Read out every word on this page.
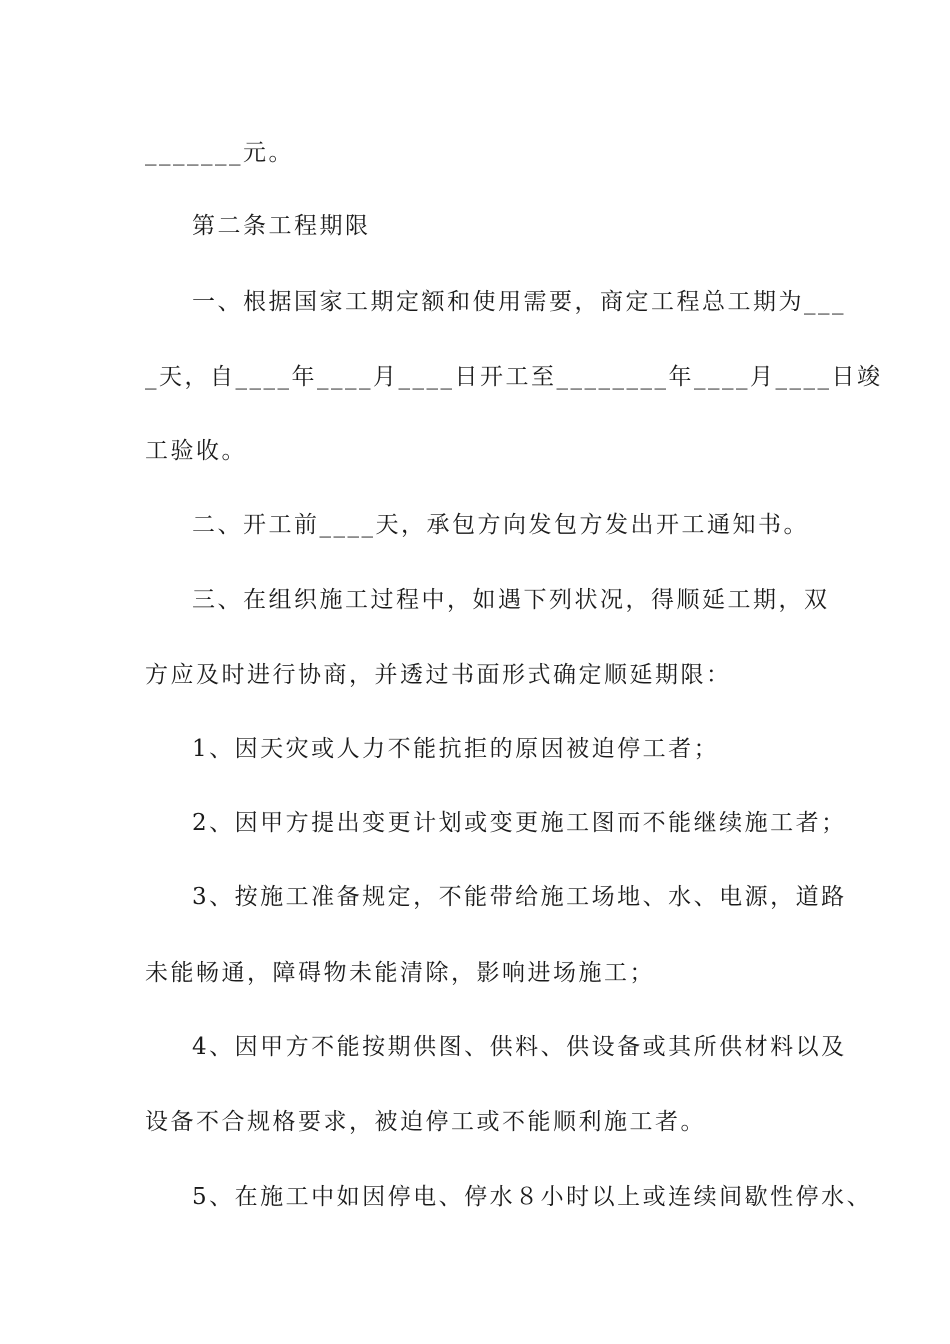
_______元。
第二条工程期限
一、根据国家工期定额和使用需要，商定工程总工期为___
_天，自____年____月____日开工至________年____月____日竣
工验收。
二、开工前____天，承包方向发包方发出开工通知书。
三、在组织施工过程中，如遇下列状况，得顺延工期，双
方应及时进行协商，并透过书面形式确定顺延期限：
1、因天灾或人力不能抗拒的原因被迫停工者；
2、因甲方提出变更计划或变更施工图而不能继续施工者；
3、按施工准备规定，不能带给施工场地、水、电源，道路
未能畅通，障碍物未能清除，影响进场施工；
4、因甲方不能按期供图、供料、供设备或其所供材料以及
设备不合规格要求，被迫停工或不能顺利施工者。
5、在施工中如因停电、停水８小时以上或连续间歇性停水、
